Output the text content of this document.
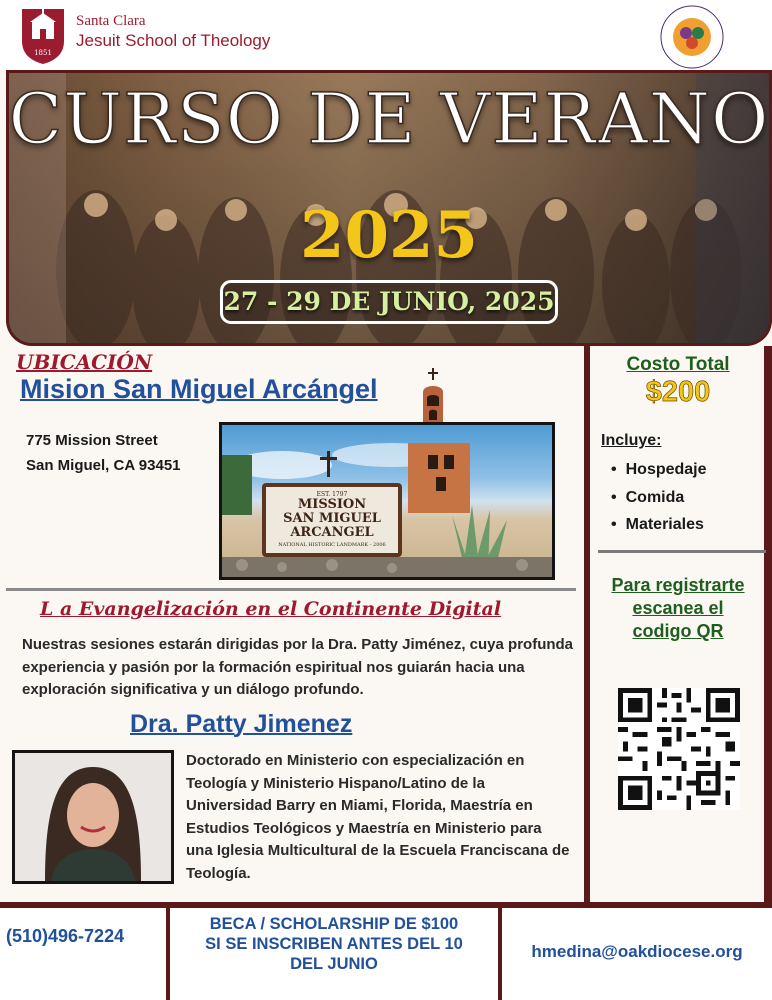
1851
Santa Clara
Jesuit School of Theology
CURSO DE VERANO
2025
27 - 29 DE JUNIO, 2025
UBICACIÓN
Mision San Miguel Arcángel
775 Mission Street
San Miguel, CA 93451
EST. 1797
MISSION
SAN MIGUEL
ARCANGEL
NATIONAL HISTORIC LANDMARK - 2006
L a Evangelización en el Continente Digital
Nuestras sesiones estarán dirigidas por la Dra. Patty Jiménez, cuya profunda experiencia y pasión por la formación espiritual nos guiarán hacia una exploración significativa y un diálogo profundo.
Dra. Patty Jimenez
Doctorado en Ministerio con especialización en Teología y Ministerio Hispano/Latino de la Universidad Barry en Miami, Florida, Maestría en Estudios Teológicos y Maestría en Ministerio para una Iglesia Multicultural de la Escuela Franciscana de Teología.
Costo Total
$200
Incluye:
• Hospedaje
• Comida
• Materiales
Para registrarte
escanea el
codigo QR
(510)496-7224
BECA / SCHOLARSHIP DE $100
SI SE INSCRIBEN ANTES DEL 10
DEL JUNIO
hmedina@oakdiocese.org
